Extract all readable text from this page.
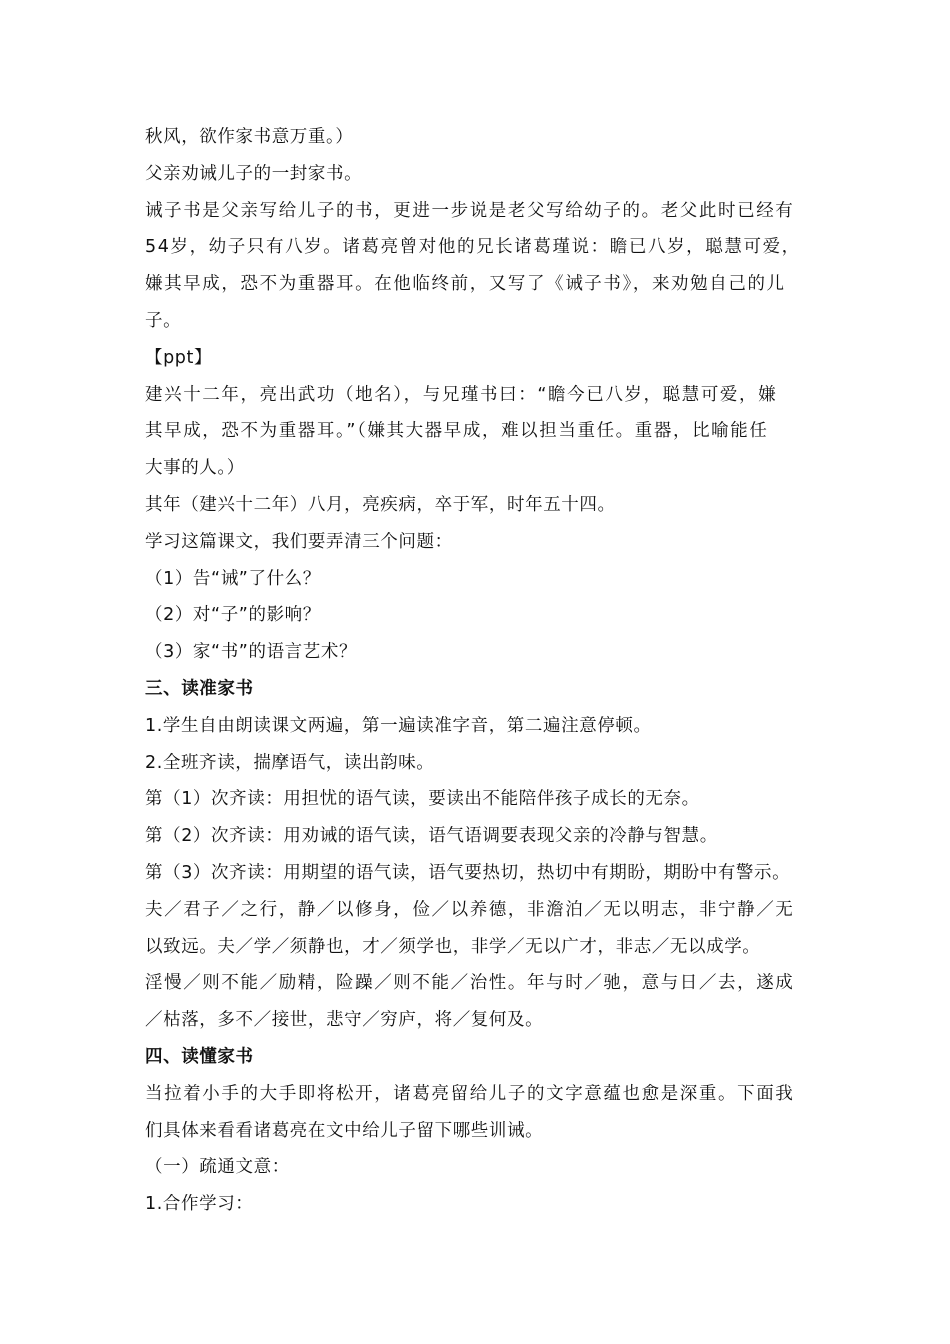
秋风，欲作家书意万重。）
父亲劝诫儿子的一封家书。
诫子书是父亲写给儿子的书，更进一步说是老父写给幼子的。老父此时已经有
54岁，幼子只有八岁。诸葛亮曾对他的兄长诸葛瑾说：瞻已八岁，聪慧可爱，
嫌其早成，恐不为重器耳。在他临终前，又写了《诫子书》，来劝勉自己的儿
子。
【ppt】
建兴十二年，亮出武功（地名），与兄瑾书曰：“瞻今已八岁，聪慧可爱，嫌
其早成，恐不为重器耳。”（嫌其大器早成，难以担当重任。重器，比喻能任
大事的人。）
其年（建兴十二年）八月，亮疾病，卒于军，时年五十四。
学习这篇课文，我们要弄清三个问题：
（1）告“诫”了什么？
（2）对“子”的影响？
（3）家“书”的语言艺术？
三、读准家书
1.学生自由朗读课文两遍，第一遍读准字音，第二遍注意停顿。
2.全班齐读，揣摩语气，读出韵味。
第（1）次齐读：用担忧的语气读，要读出不能陪伴孩子成长的无奈。
第（2）次齐读：用劝诫的语气读，语气语调要表现父亲的冷静与智慧。
第（3）次齐读：用期望的语气读，语气要热切，热切中有期盼，期盼中有警示。
夫／君子／之行，静／以修身，俭／以养德，非澹泊／无以明志，非宁静／无
以致远。夫／学／须静也，才／须学也，非学／无以广才，非志／无以成学。
淫慢／则不能／励精，险躁／则不能／治性。年与时／驰，意与日／去，遂成
／枯落，多不／接世，悲守／穷庐，将／复何及。
四、读懂家书
当拉着小手的大手即将松开，诸葛亮留给儿子的文字意蕴也愈是深重。下面我
们具体来看看诸葛亮在文中给儿子留下哪些训诫。
（一）疏通文意：
1.合作学习：
